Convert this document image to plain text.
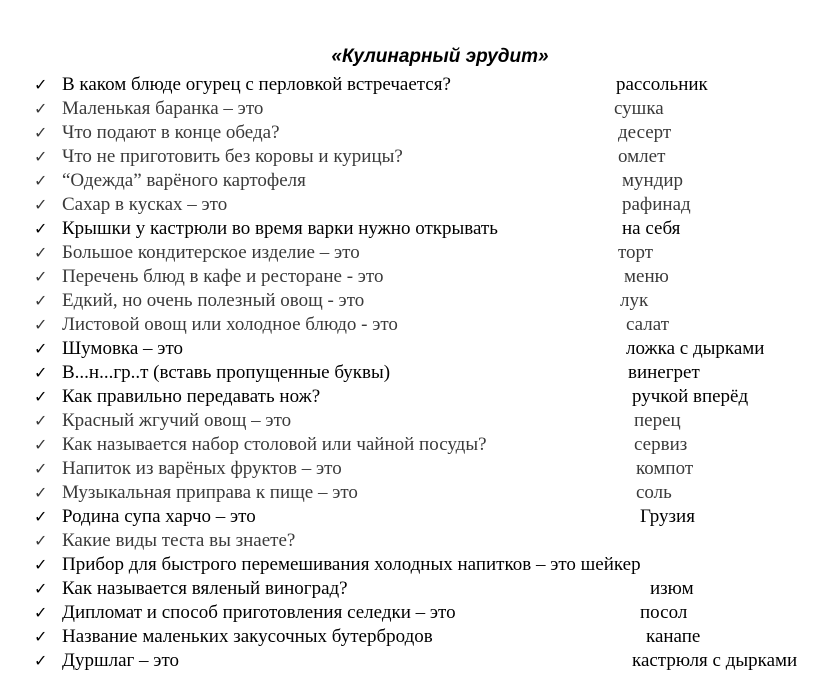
«Кулинарный эрудит»
✓ В каком блюде огурец с перловкой встречается?	рассольник
✓ Маленькая баранка – это	сушка
✓ Что подают в конце обеда?	десерт
✓ Что не приготовить без коровы и курицы?	омлет
✓ “Одежда” варёного картофеля	мундир
✓ Сахар в кусках – это	рафинад
✓ Крышки у кастрюли во время варки нужно открывать	на себя
✓ Большое кондитерское изделие – это	торт
✓ Перечень блюд в кафе и ресторане - это	меню
✓ Едкий, но очень полезный овощ - это	лук
✓ Листовой овощ или холодное блюдо - это	салат
✓ Шумовка – это	ложка с дырками
✓ В...н...гр..т (вставь пропущенные буквы)	винегрет
✓ Как правильно передавать нож?	ручкой вперёд
✓ Красный жгучий овощ – это	перец
✓ Как называется набор столовой или чайной посуды?	сервиз
✓ Напиток из варёных фруктов – это	компот
✓ Музыкальная приправа к пище – это	соль
✓ Родина супа харчо – это	Грузия
✓ Какие виды теста вы знаете?
✓ Прибор для быстрого перемешивания холодных напитков – это шейкер
✓ Как называется вяленый виноград?	изюм
✓ Дипломат и способ приготовления селедки – это	посол
✓ Название маленьких закусочных бутербродов	канапе
✓ Дуршлаг – это	кастрюля с дырками
